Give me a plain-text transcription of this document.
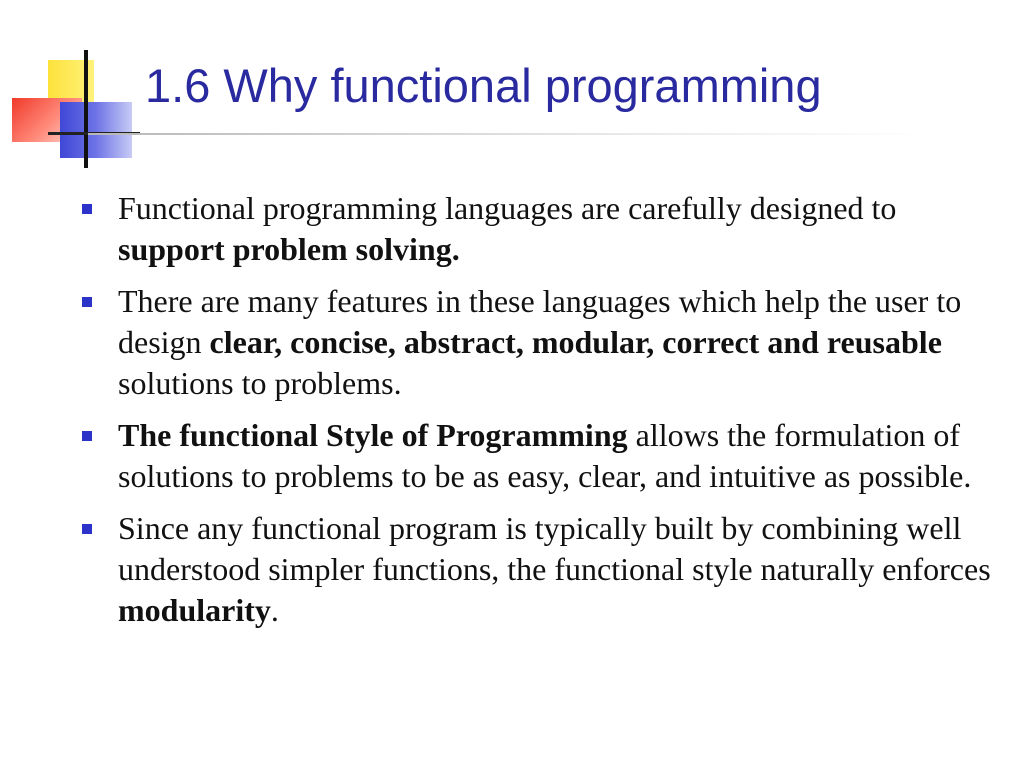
1.6 Why functional programming
Functional programming languages are carefully designed to support problem solving.
There are many features in these languages which help the user to design clear, concise, abstract, modular, correct and reusable solutions to problems.
The functional Style of Programming allows the formulation of solutions to problems to be as easy, clear, and intuitive as possible.
Since any functional program is typically built by combining well understood simpler functions, the functional style naturally enforces modularity.
